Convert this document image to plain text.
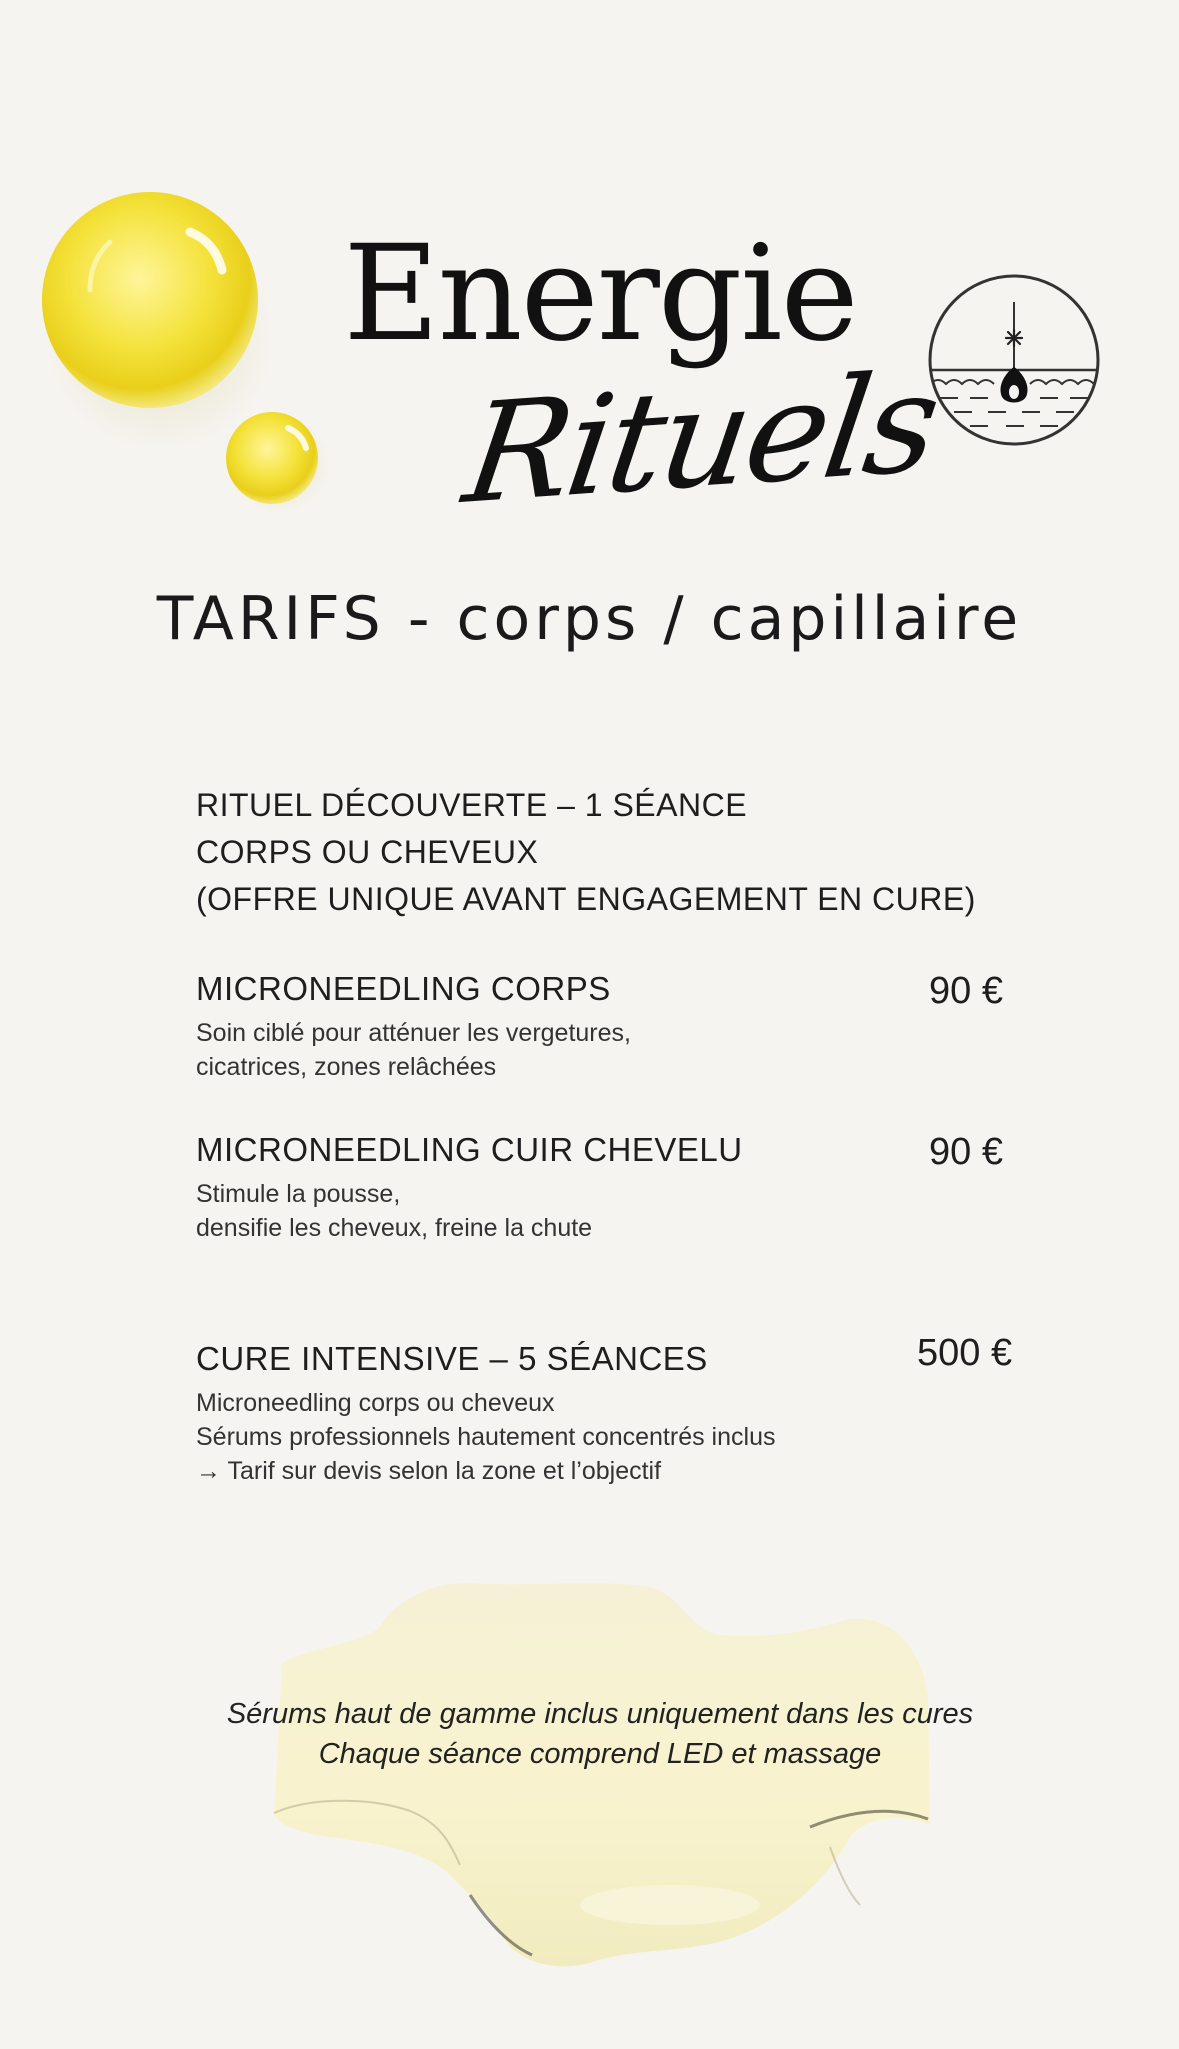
Energie
Rituels
TARIFS - corps / capillaire
RITUEL DÉCOUVERTE – 1 SÉANCE
CORPS OU CHEVEUX
(OFFRE UNIQUE AVANT ENGAGEMENT EN CURE)
MICRONEEDLING CORPS	90 €
Soin ciblé pour atténuer les vergetures,
cicatrices, zones relâchées
MICRONEEDLING CUIR CHEVELU	90 €
Stimule la pousse,
densifie les cheveux, freine la chute
CURE INTENSIVE – 5 SÉANCES	500 €
Microneedling corps ou cheveux
Sérums professionnels hautement concentrés inclus
→ Tarif sur devis selon la zone et l’objectif
Sérums haut de gamme inclus uniquement dans les cures
Chaque séance comprend LED et massage
